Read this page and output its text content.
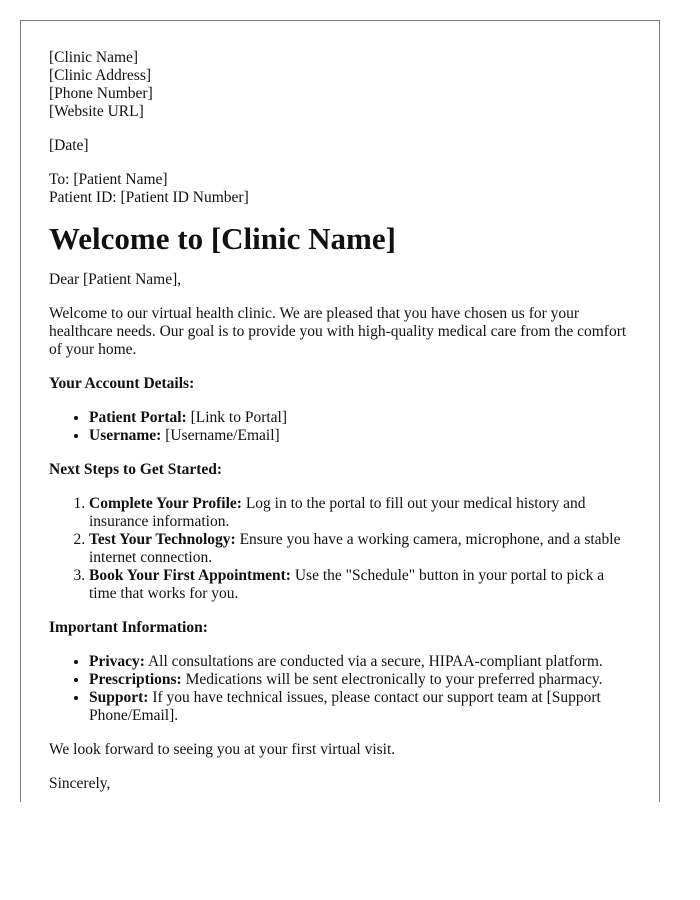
[Clinic Name]
[Clinic Address]
[Phone Number]
[Website URL]

[Date]

To: [Patient Name]
Patient ID: [Patient ID Number]
Welcome to [Clinic Name]

Dear [Patient Name],

Welcome to our virtual health clinic. We are pleased that you have chosen us for your healthcare needs. Our goal is to provide you with high-quality medical care from the comfort of your home.

Your Account Details:

• Patient Portal: [Link to Portal]
• Username: [Username/Email]

Next Steps to Get Started:

1. Complete Your Profile: Log in to the portal to fill out your medical history and insurance information.
2. Test Your Technology: Ensure you have a working camera, microphone, and a stable internet connection.
3. Book Your First Appointment: Use the "Schedule" button in your portal to pick a time that works for you.

Important Information:

• Privacy: All consultations are conducted via a secure, HIPAA-compliant platform.
• Prescriptions: Medications will be sent electronically to your preferred pharmacy.
• Support: If you have technical issues, please contact our support team at [Support Phone/Email].

We look forward to seeing you at your first virtual visit.

Sincerely,
